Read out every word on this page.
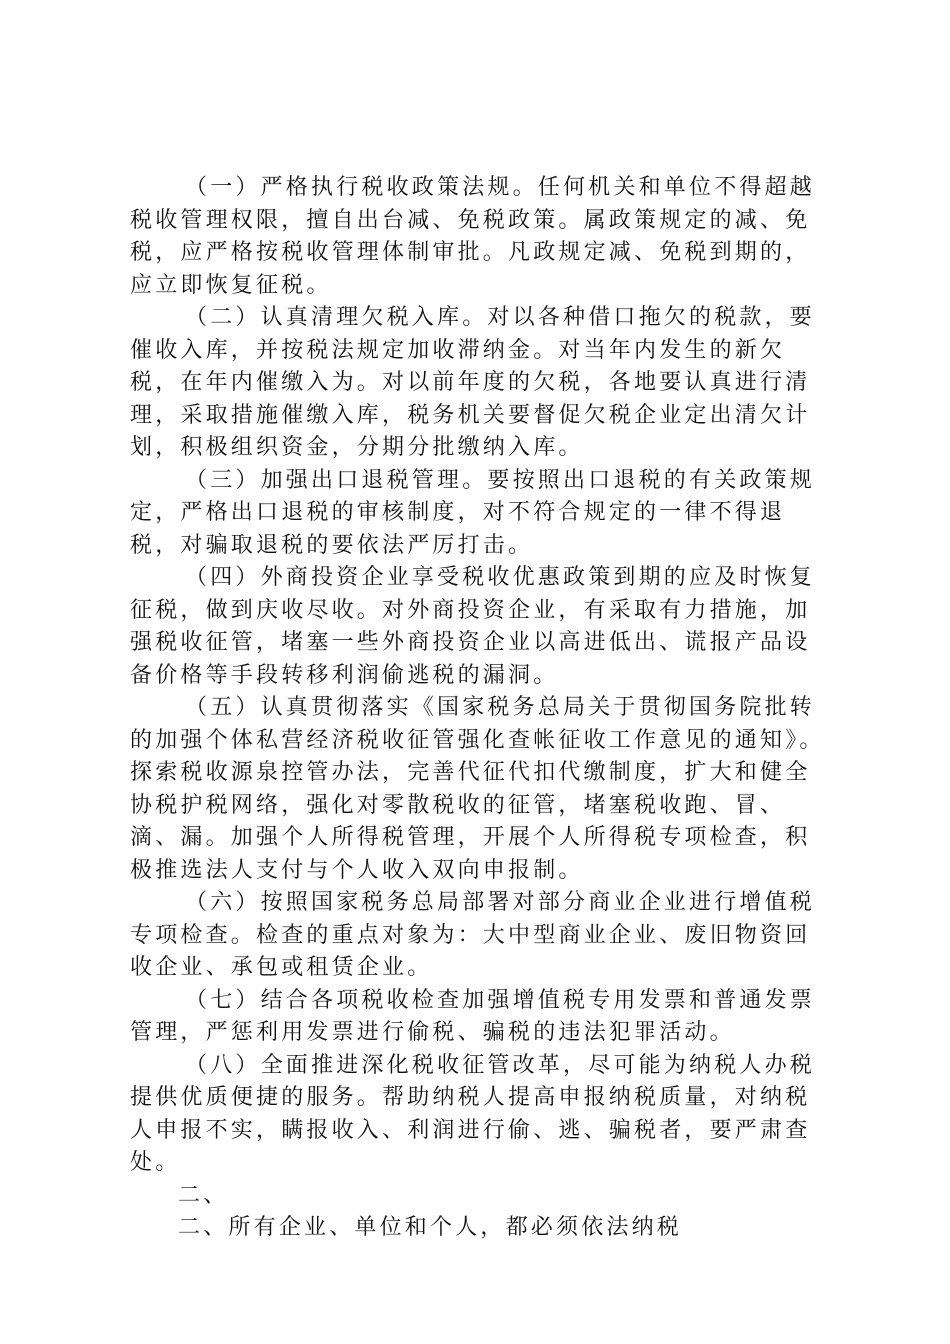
（一）严格执行税收政策法规。任何机关和单位不得超越税收管理权限，擅自出台减、免税政策。属政策规定的减、免税，应严格按税收管理体制审批。凡政规定减、免税到期的，应立即恢复征税。

（二）认真清理欠税入库。对以各种借口拖欠的税款，要催收入库，并按税法规定加收滞纳金。对当年内发生的新欠税，在年内催缴入为。对以前年度的欠税，各地要认真进行清理，采取措施催缴入库，税务机关要督促欠税企业定出清欠计划，积极组织资金，分期分批缴纳入库。

（三）加强出口退税管理。要按照出口退税的有关政策规定，严格出口退税的审核制度，对不符合规定的一律不得退税，对骗取退税的要依法严厉打击。

（四）外商投资企业享受税收优惠政策到期的应及时恢复征税，做到庆收尽收。对外商投资企业，有采取有力措施，加强税收征管，堵塞一些外商投资企业以高进低出、谎报产品设备价格等手段转移利润偷逃税的漏洞。

（五）认真贯彻落实《国家税务总局关于贯彻国务院批转的加强个体私营经济税收征管强化查帐征收工作意见的通知》。探索税收源泉控管办法，完善代征代扣代缴制度，扩大和健全协税护税网络，强化对零散税收的征管，堵塞税收跑、冒、滴、漏。加强个人所得税管理，开展个人所得税专项检查，积极推选法人支付与个人收入双向申报制。

（六）按照国家税务总局部署对部分商业企业进行增值税专项检查。检查的重点对象为：大中型商业企业、废旧物资回收企业、承包或租赁企业。

（七）结合各项税收检查加强增值税专用发票和普通发票管理，严惩利用发票进行偷税、骗税的违法犯罪活动。

（八）全面推进深化税收征管改革，尽可能为纳税人办税提供优质便捷的服务。帮助纳税人提高申报纳税质量，对纳税人申报不实，瞒报收入、利润进行偷、逃、骗税者，要严肃查处。

二、

二、所有企业、单位和个人，都必须依法纳税
